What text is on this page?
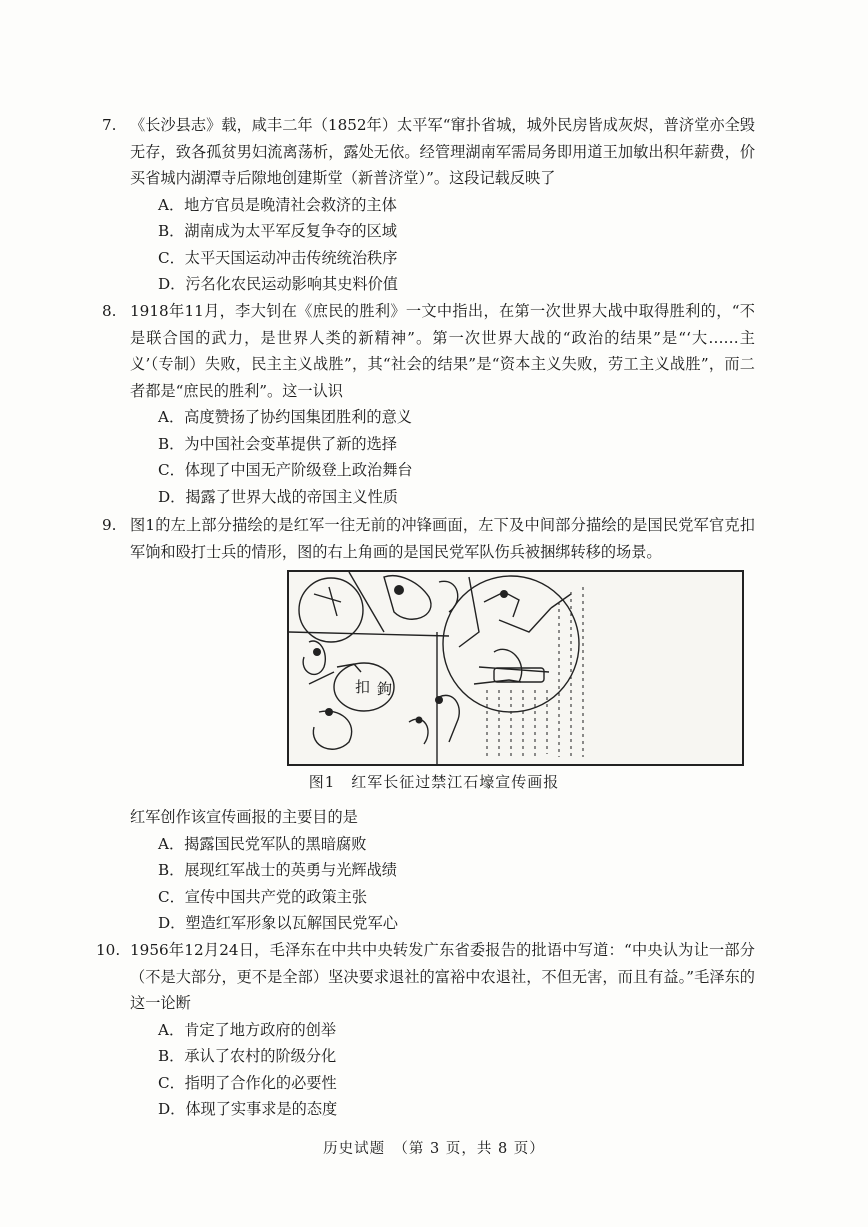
7. 《长沙县志》载，咸丰二年（1852年）太平军“窜扑省城，城外民房皆成灰烬，普济堂亦全毁无存，致各孤贫男妇流离荡析，露处无依。经管理湖南军需局务即用道王加敏出积年薪费，价买省城内湖潭寺后隙地创建斯堂（新普济堂）”。这段记载反映了

A．地方官员是晚清社会救济的主体

B．湖南成为太平军反复争夺的区域

C．太平天国运动冲击传统统治秩序

D．污名化农民运动影响其史料价值

8. 1918年11月，李大钊在《庶民的胜利》一文中指出，在第一次世界大战中取得胜利的，“不是联合国的武力，是世界人类的新精神”。第一次世界大战的“政治的结果”是“‘大……主义’（专制）失败，民主主义战胜”，其“社会的结果”是“资本主义失败，劳工主义战胜”，而二者都是“庶民的胜利”。这一认识

A．高度赞扬了协约国集团胜利的意义

B．为中国社会变革提供了新的选择

C．体现了中国无产阶级登上政治舞台

D．揭露了世界大战的帝国主义性质

9. 图1的左上部分描绘的是红军一往无前的冲锋画面，左下及中间部分描绘的是国民党军官克扣军饷和殴打士兵的情形，图的右上角画的是国民党军队伤兵被捆绑转移的场景。

扣 鉤
图1　红军长征过禁江石壕宣传画报

红军创作该宣传画报的主要目的是

A．揭露国民党军队的黑暗腐败

B．展现红军战士的英勇与光辉战绩

C．宣传中国共产党的政策主张

D．塑造红军形象以瓦解国民党军心

10. 1956年12月24日，毛泽东在中共中央转发广东省委报告的批语中写道：“中央认为让一部分（不是大部分，更不是全部）坚决要求退社的富裕中农退社，不但无害，而且有益。”毛泽东的这一论断

A．肯定了地方政府的创举

B．承认了农村的阶级分化

C．指明了合作化的必要性

D．体现了实事求是的态度

历史试题　（第 3 页，共 8 页）
